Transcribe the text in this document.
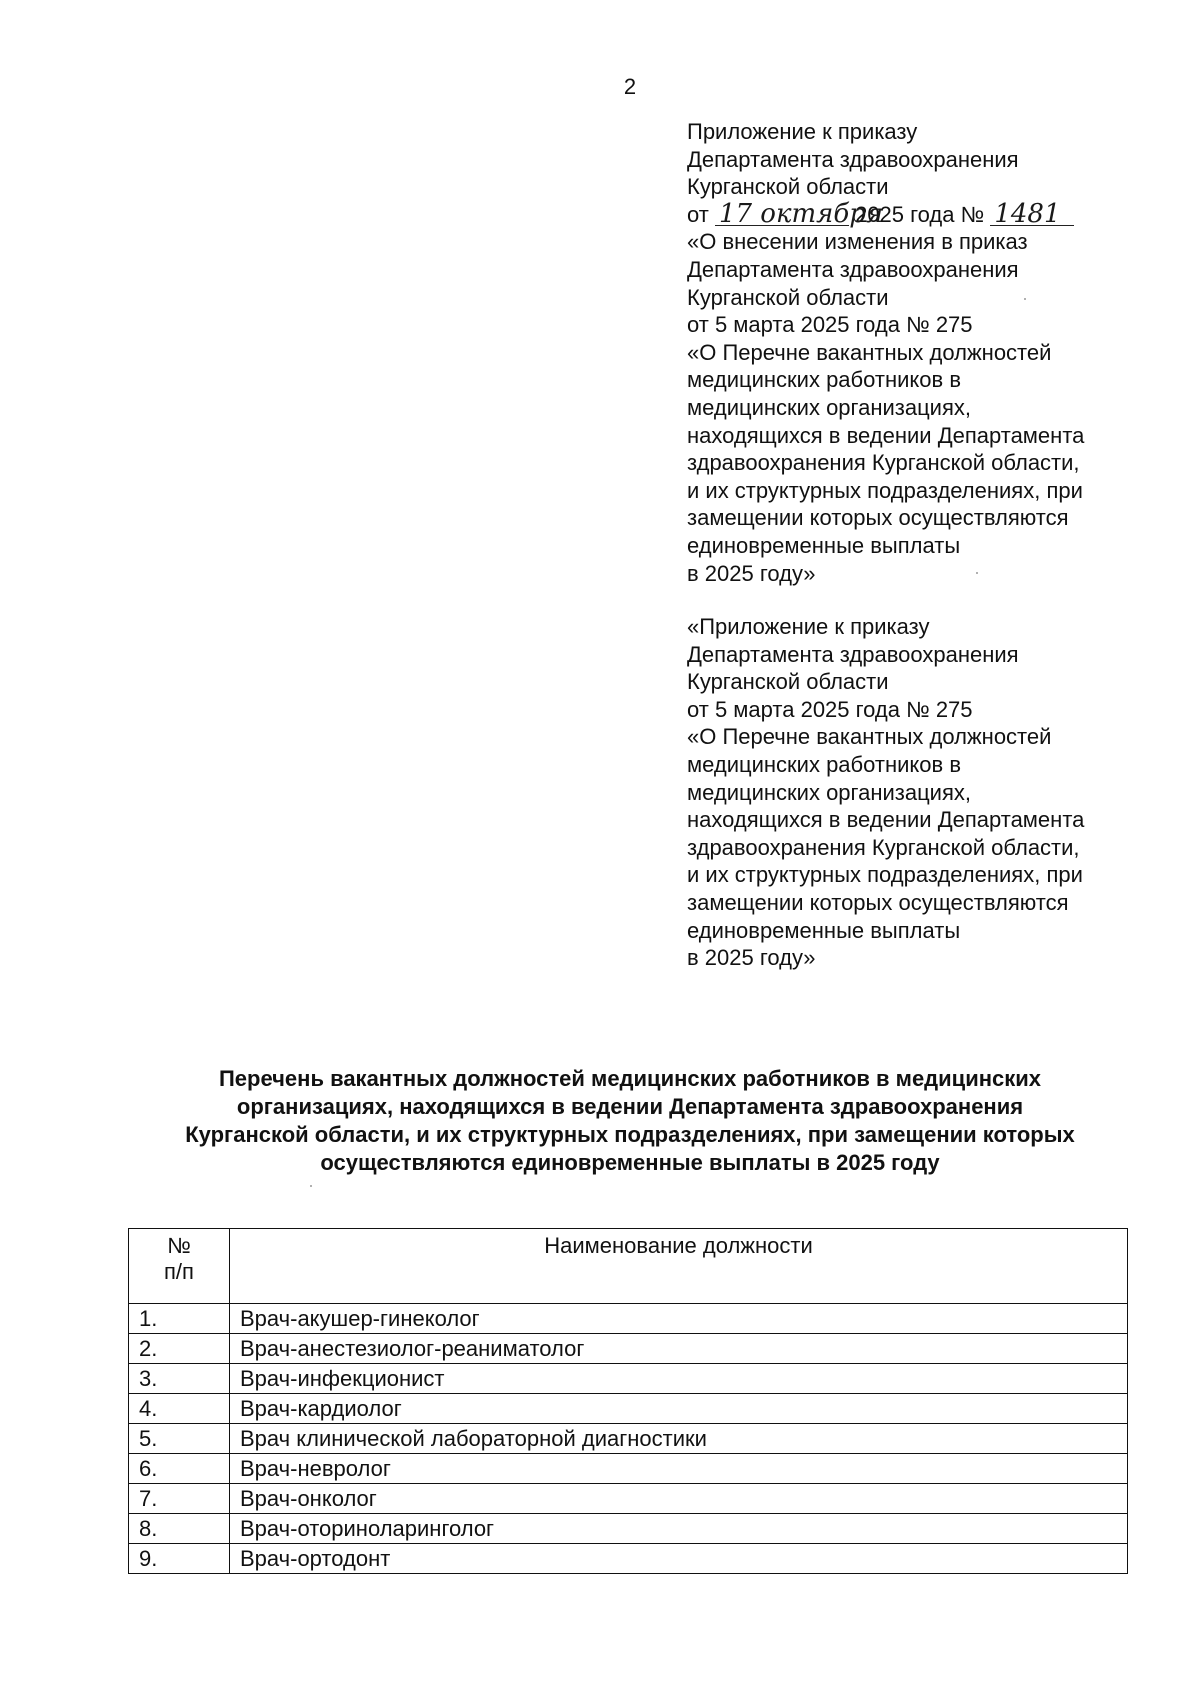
2
Приложение к приказу
Департамента здравоохранения
Курганской области
от 17 октября 2025 года № 1481
«О внесении изменения в приказ
Департамента здравоохранения
Курганской области
от 5 марта 2025 года № 275
«О Перечне вакантных должностей
медицинских работников в
медицинских организациях,
находящихся в ведении Департамента
здравоохранения Курганской области,
и их структурных подразделениях, при
замещении которых осуществляются
единовременные выплаты
в 2025 году»
«Приложение к приказу
Департамента здравоохранения
Курганской области
от 5 марта 2025 года № 275
«О Перечне вакантных должностей
медицинских работников в
медицинских организациях,
находящихся в ведении Департамента
здравоохранения Курганской области,
и их структурных подразделениях, при
замещении которых осуществляются
единовременные выплаты
в 2025 году»
Перечень вакантных должностей медицинских работников в медицинских
организациях, находящихся в ведении Департамента здравоохранения
Курганской области, и их структурных подразделениях, при замещении которых
осуществляются единовременные выплаты в 2025 году
№
п/п	Наименование должности
1.	Врач-акушер-гинеколог
2.	Врач-анестезиолог-реаниматолог
3.	Врач-инфекционист
4.	Врач-кардиолог
5.	Врач клинической лабораторной диагностики
6.	Врач-невролог
7.	Врач-онколог
8.	Врач-оториноларинголог
9.	Врач-ортодонт
